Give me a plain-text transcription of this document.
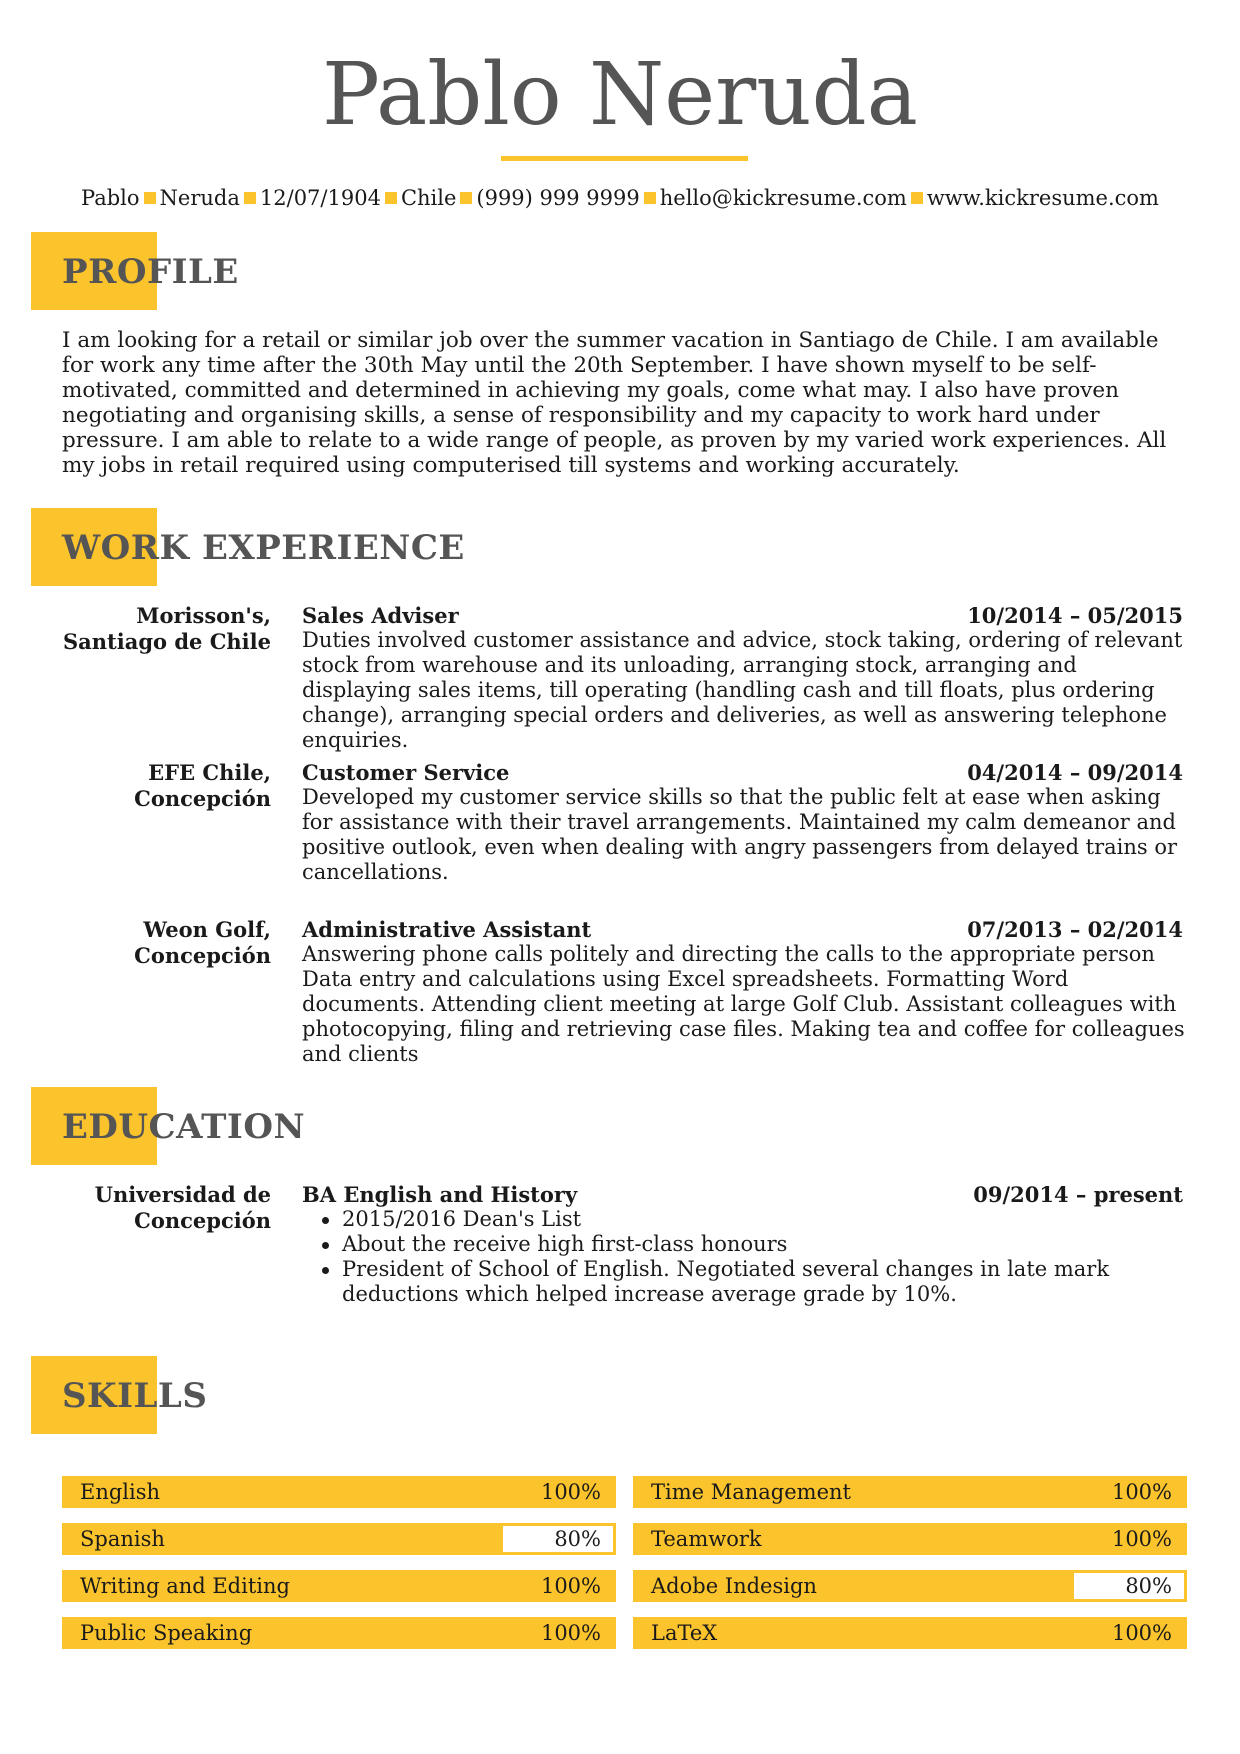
Pablo Neruda
Pablo Neruda 12/07/1904 Chile (999) 999 9999 hello@kickresume.com www.kickresume.com
PROFILE
I am looking for a retail or similar job over the summer vacation in Santiago de Chile. I am available for work any time after the 30th May until the 20th September. I have shown myself to be self-motivated, committed and determined in achieving my goals, come what may. I also have proven negotiating and organising skills, a sense of responsibility and my capacity to work hard under pressure. I am able to relate to a wide range of people, as proven by my varied work experiences. All my jobs in retail required using computerised till systems and working accurately.
WORK EXPERIENCE
Morisson's,
Santiago de Chile
Sales Adviser	10/2014 – 05/2015
Duties involved customer assistance and advice, stock taking, ordering of relevant stock from warehouse and its unloading, arranging stock, arranging and displaying sales items, till operating (handling cash and till floats, plus ordering change), arranging special orders and deliveries, as well as answering telephone enquiries.
EFE Chile,
Concepción
Customer Service	04/2014 – 09/2014
Developed my customer service skills so that the public felt at ease when asking for assistance with their travel arrangements. Maintained my calm demeanor and positive outlook, even when dealing with angry passengers from delayed trains or cancellations.
Weon Golf,
Concepción
Administrative Assistant	07/2013 – 02/2014
Answering phone calls politely and directing the calls to the appropriate person Data entry and calculations using Excel spreadsheets. Formatting Word documents. Attending client meeting at large Golf Club. Assistant colleagues with photocopying, filing and retrieving case files. Making tea and coffee for colleagues and clients
EDUCATION
Universidad de
Concepción
BA English and History	09/2014 – present
2015/2016 Dean's List
About the receive high first-class honours
President of School of English. Negotiated several changes in late mark deductions which helped increase average grade by 10%.
SKILLS
English	100% Time Management	100%
Spanish	80% Teamwork	100%
Writing and Editing	100% Adobe Indesign	80%
Public Speaking	100% LaTeX	100%
